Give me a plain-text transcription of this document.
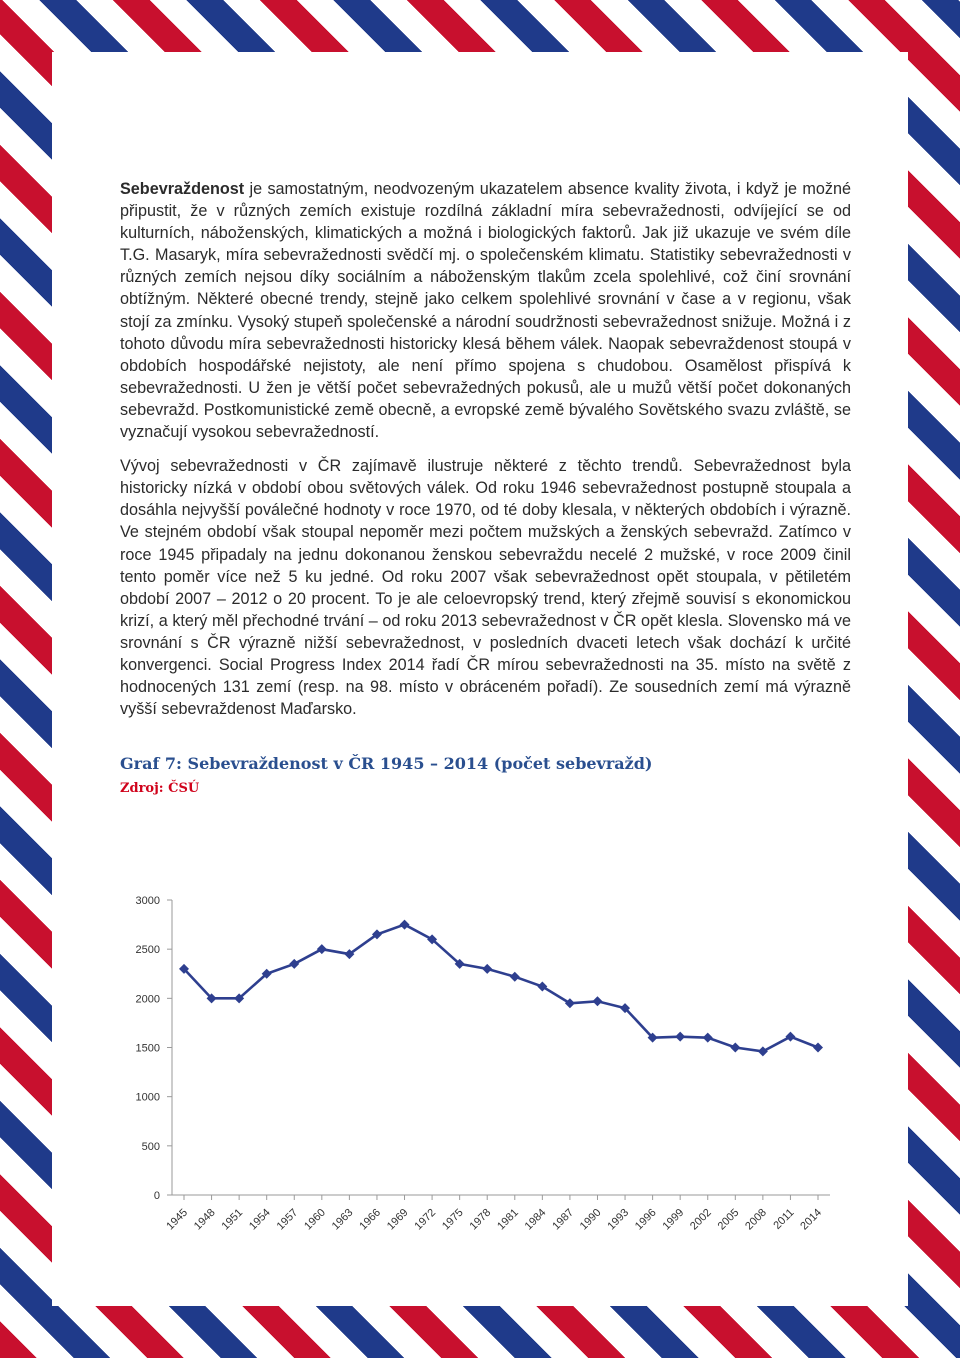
Sebevraždenost je samostatným, neodvozeným ukazatelem absence kvality života, i když je možné připustit, že v různých zemích existuje rozdílná základní míra sebevražednosti, odvíjející se od kulturních, náboženských, klimatických a možná i biologických faktorů. Jak již ukazuje ve svém díle T.G. Masaryk, míra sebevražednosti svědčí mj. o společenském klimatu. Statistiky sebevražednosti v různých zemích nejsou díky sociálním a náboženským tlakům zcela spolehlivé, což činí srovnání obtížným. Některé obecné trendy, stejně jako celkem spolehlivé srovnání v čase a v regionu, však stojí za zmínku. Vysoký stupeň společenské a národní soudržnosti sebevražednost snižuje. Možná i z tohoto důvodu míra sebevražednosti historicky klesá během válek. Naopak sebevraždenost stoupá v obdobích hospodářské nejistoty, ale není přímo spojena s chudobou. Osamělost přispívá k sebevražednosti. U žen je větší počet sebevražedných pokusů, ale u mužů větší počet dokonaných sebevražd. Postkomunistické země obecně, a evropské země bývalého Sovětského svazu zvláště, se vyznačují vysokou sebevražedností.

Vývoj sebevražednosti v ČR zajímavě ilustruje některé z těchto trendů. Sebevražednost byla historicky nízká v období obou světových válek. Od roku 1946 sebevražednost postupně stoupala a dosáhla nejvyšší poválečné hodnoty v roce 1970, od té doby klesala, v některých obdobích i výrazně. Ve stejném období však stoupal nepoměr mezi počtem mužských a ženských sebevražd. Zatímco v roce 1945 připadaly na jednu dokonanou ženskou sebevraždu necelé 2 mužské, v roce 2009 činil tento poměr více než 5 ku jedné. Od roku 2007 však sebevražednost opět stoupala, v pětiletém období 2007 – 2012 o 20 procent. To je ale celoevropský trend, který zřejmě souvisí s ekonomickou krizí, a který měl přechodné trvání – od roku 2013 sebevražednost v ČR opět klesla. Slovensko má ve srovnání s ČR výrazně nižší sebevražednost, v posledních dvaceti letech však dochází k určité konvergenci. Social Progress Index 2014 řadí ČR mírou sebevražednosti na 35. místo na světě z hodnocených 131 zemí (resp. na 98. místo v obráceném pořadí). Ze sousedních zemí má výrazně vyšší sebevraždenost Maďarsko.

Graf 7: Sebevraždenost v ČR 1945 – 2014 (počet sebevražd)
Zdroj: ČSÚ
0
500
1000
1500
2000
2500
3000
1945 1948 1951 1954 1957 1960 1963 1966 1969 1972 1975 1978 1981 1984 1987 1990 1993 1996 1999 2002 2005 2008 2011 2014
